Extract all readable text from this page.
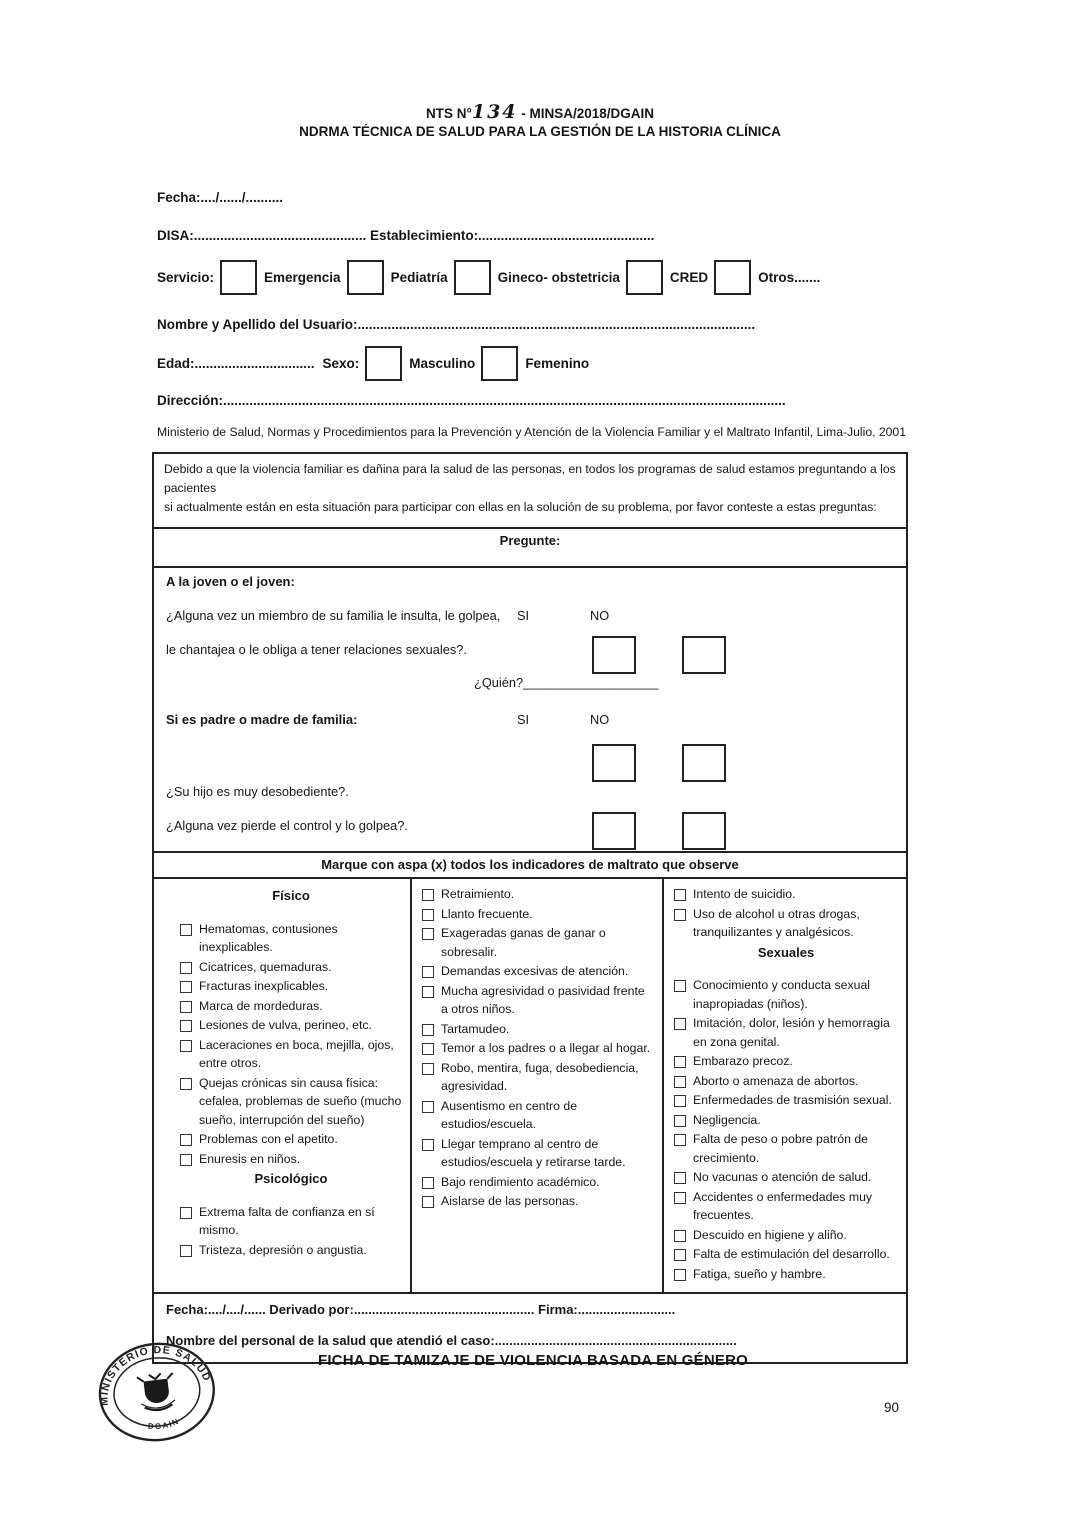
NTS N°134 - MINSA/2018/DGAIN
NDRMA TÉCNICA DE SALUD PARA LA GESTIÓN DE LA HISTORIA CLÍNICA
Fecha:..../....../..........
DISA:.............................................. Establecimiento:...............................................
Servicio:	Emergencia	Pediatría	Gineco- obstetricia	CRED	Otros.......
Nombre y Apellido del Usuario:..........................................................................................................
Edad:................................ Sexo:	Masculino	Femenino
Dirección:......................................................................................................................................................
Ministerio de Salud, Normas y Procedimientos para la Prevención y Atención de la Violencia Familiar y el Maltrato Infantil, Lima-Julio, 2001
Debido a que la violencia familiar es dañina para la salud de las personas, en todos los programas de salud estamos preguntando a los pacientes
si actualmente están en esta situación para participar con ellas en la solución de su problema, por favor conteste a estas preguntas:
Pregunte:
A la joven o el joven:
¿Alguna vez un miembro de su familia le insulta, le golpea, SI	NO
le chantajea o le obliga a tener relaciones sexuales?.
¿Quién?___________________
Si es padre o madre de familia:	SI	NO
¿Su hijo es muy desobediente?.
¿Alguna vez pierde el control y lo golpea?.
Marque con aspa (x) todos los indicadores de maltrato que observe
Físico
Hematomas, contusiones inexplicables.
Cicatrices, quemaduras.
Fracturas inexplicables.
Marca de mordeduras.
Lesiones de vulva, perineo, etc.
Laceraciones en boca, mejilla, ojos, entre otros.
Quejas crónicas sin causa física: cefalea, problemas de sueño (mucho sueño, interrupción del sueño)
Problemas con el apetito.
Enuresis en niños.
Psicológico
Extrema falta de confianza en sí mismo.
Tristeza, depresión o angustia.
Retraimiento.
Llanto frecuente.
Exageradas ganas de ganar o sobresalir.
Demandas excesivas de atención.
Mucha agresividad o pasividad frente a otros niños.
Tartamudeo.
Temor a los padres o a llegar al hogar.
Robo, mentira, fuga, desobediencia, agresividad.
Ausentismo en centro de estudios/escuela.
Llegar temprano al centro de estudios/escuela y retirarse tarde.
Bajo rendimiento académico.
Aislarse de las personas.
Intento de suicidio.
Uso de alcohol u otras drogas, tranquilizantes y analgésicos.
Sexuales
Conocimiento y conducta sexual inapropiadas (niños).
Imitación, dolor, lesión y hemorragia en zona genital.
Embarazo precoz.
Aborto o amenaza de abortos.
Enfermedades de trasmisión sexual.
Negligencia.
Falta de peso o pobre patrón de crecimiento.
No vacunas o atención de salud.
Accidentes o enfermedades muy frecuentes.
Descuido en higiene y aliño.
Falta de estimulación del desarrollo.
Fatiga, sueño y hambre.
Fecha:..../..../...... Derivado por:.................................................. Firma:...........................
Nombre del personal de la salud que atendió el caso:...................................................................
MINISTERIO DE SALUD
DGAIN
FICHA DE TAMIZAJE DE VIOLENCIA BASADA EN GÉNERO
90
